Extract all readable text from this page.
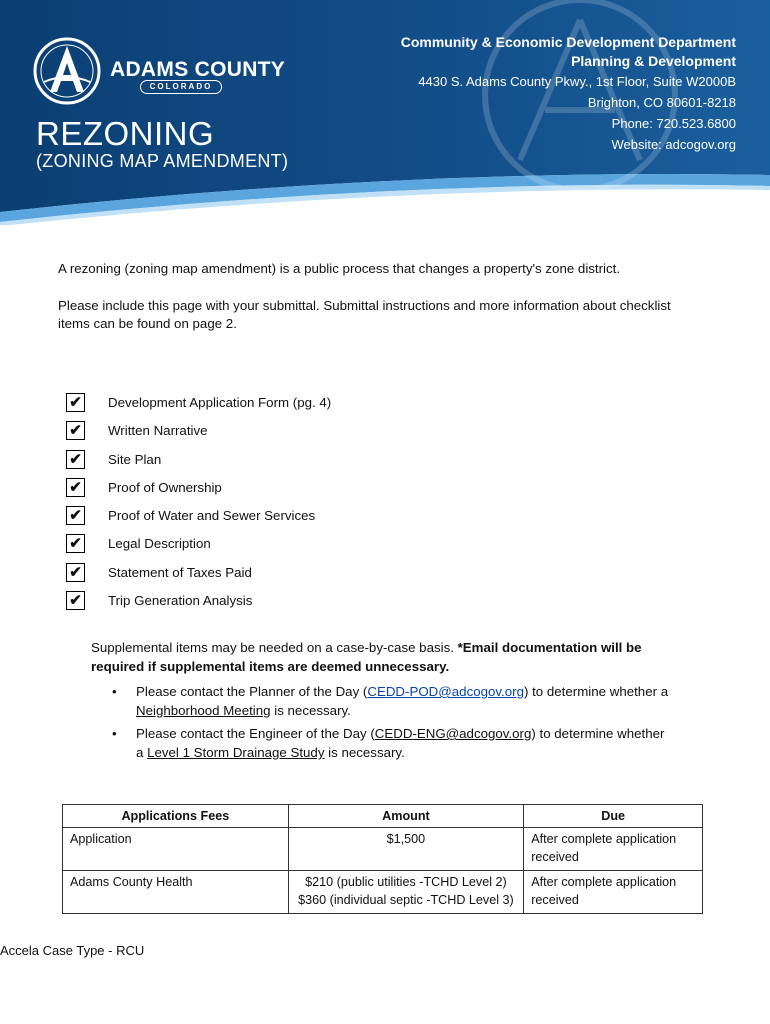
ADAMS COUNTY
COLORADO
REZONING
(ZONING MAP AMENDMENT)
Community & Economic Development Department
Planning & Development
4430 S. Adams County Pkwy., 1st Floor, Suite W2000B
Brighton, CO 80601-8218
Phone: 720.523.6800
Website: adcogov.org
A rezoning (zoning map amendment) is a public process that changes a property's zone district.
Please include this page with your submittal. Submittal instructions and more information about checklist items can be found on page 2.
✔ Development Application Form (pg. 4)
✔ Written Narrative
✔ Site Plan
✔ Proof of Ownership
✔ Proof of Water and Sewer Services
✔ Legal Description
✔ Statement of Taxes Paid
✔ Trip Generation Analysis
Supplemental items may be needed on a case-by-case basis. *Email documentation will be required if supplemental items are deemed unnecessary.
• Please contact the Planner of the Day (CEDD-POD@adcogov.org) to determine whether a Neighborhood Meeting is necessary.
• Please contact the Engineer of the Day (CEDD-ENG@adcogov.org) to determine whether a Level 1 Storm Drainage Study is necessary.
Applications Fees	Amount	Due
Application	$1,500	After complete application received
Adams County Health	$210 (public utilities -TCHD Level 2)
$360 (individual septic -TCHD Level 3)	After complete application received
Accela Case Type - RCU
